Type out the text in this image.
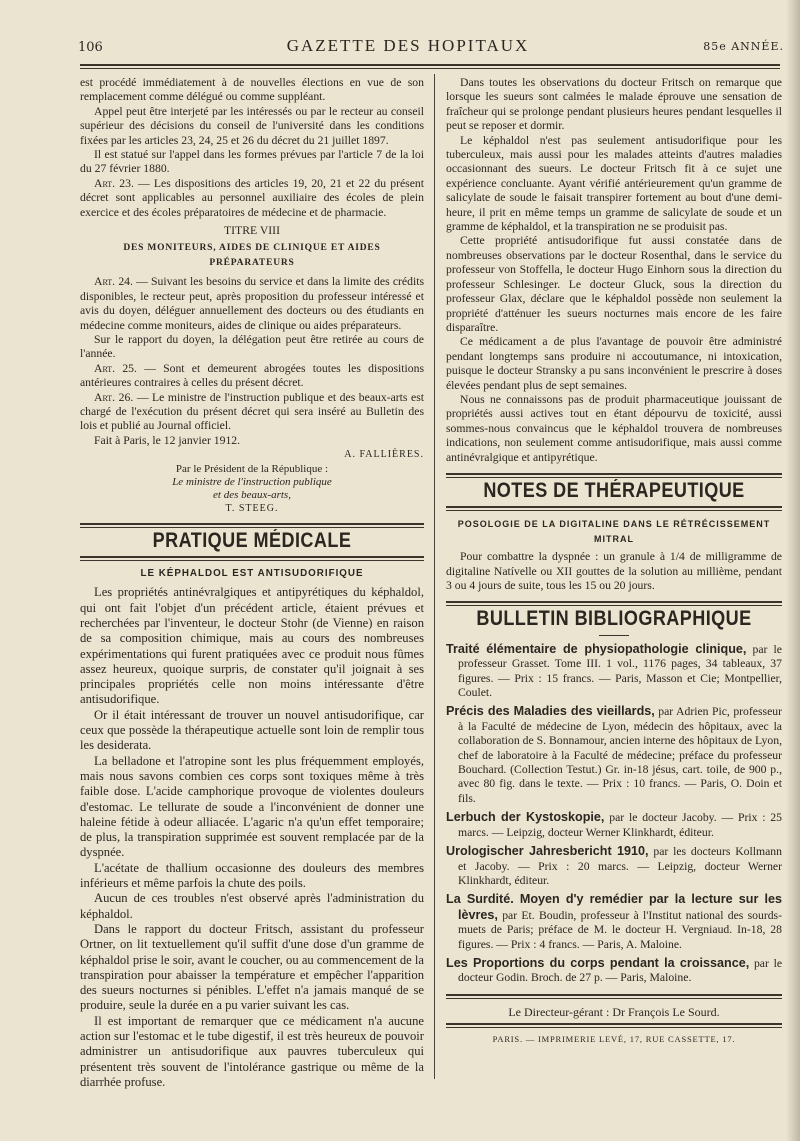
106	GAZETTE DES HOPITAUX	85e ANNÉE.

est procédé immédiatement à de nouvelles élections en vue de son remplacement comme délégué ou comme suppléant.

Appel peut être interjeté par les intéressés ou par le recteur au conseil supérieur des décisions du conseil de l'université dans les conditions fixées par les articles 23, 24, 25 et 26 du décret du 21 juillet 1897.

Il est statué sur l'appel dans les formes prévues par l'article 7 de la loi du 27 février 1880.

Art. 23. — Les dispositions des articles 19, 20, 21 et 22 du présent décret sont applicables au personnel auxiliaire des écoles de plein exercice et des écoles préparatoires de médecine et de pharmacie.

TITRE VIII

DES MONITEURS, AIDES DE CLINIQUE ET AIDES PRÉPARATEURS

Art. 24. — Suivant les besoins du service et dans la limite des crédits disponibles, le recteur peut, après proposition du professeur intéressé et avis du doyen, déléguer annuellement des docteurs ou des étudiants en médecine comme moniteurs, aides de clinique ou aides préparateurs.

Sur le rapport du doyen, la délégation peut être retirée au cours de l'année.

Art. 25. — Sont et demeurent abrogées toutes les dispositions antérieures contraires à celles du présent décret.

Art. 26. — Le ministre de l'instruction publique et des beaux-arts est chargé de l'exécution du présent décret qui sera inséré au Bulletin des lois et publié au Journal officiel.

Fait à Paris, le 12 janvier 1912.

A. FALLIÈRES.

Par le Président de la République :
Le ministre de l'instruction publique
et des beaux-arts,
T. STEEG.
PRATIQUE MÉDICALE
LE KÉPHALDOL EST ANTISUDORIFIQUE

Les propriétés antinévralgiques et antipyrétiques du képhaldol, qui ont fait l'objet d'un précédent article, étaient prévues et recherchées par l'inventeur, le docteur Stohr (de Vienne) en raison de sa composition chimique, mais au cours des nombreuses expérimentations qui furent pratiquées avec ce produit nous fûmes assez heureux, quoique surpris, de constater qu'il joignait à ses principales propriétés celle non moins intéressante d'être antisudorifique.

Or il était intéressant de trouver un nouvel antisudorifique, car ceux que possède la thérapeutique actuelle sont loin de remplir tous les desiderata.

La belladone et l'atropine sont les plus fréquemment employés, mais nous savons combien ces corps sont toxiques même à très faible dose. L'acide camphorique provoque de violentes douleurs d'estomac. Le tellurate de soude a l'inconvénient de donner une haleine fétide à odeur alliacée. L'agaric n'a qu'un effet temporaire; de plus, la transpiration supprimée est souvent remplacée par de la dyspnée.

L'acétate de thallium occasionne des douleurs des membres inférieurs et même parfois la chute des poils.

Aucun de ces troubles n'est observé après l'administration du képhaldol.

Dans le rapport du docteur Fritsch, assistant du professeur Ortner, on lit textuellement qu'il suffit d'une dose d'un gramme de képhaldol prise le soir, avant le coucher, ou au commencement de la transpiration pour abaisser la température et empêcher l'apparition des sueurs nocturnes si pénibles. L'effet n'a jamais manqué de se produire, seule la durée en a pu varier suivant les cas.

Il est important de remarquer que ce médicament n'a aucune action sur l'estomac et le tube digestif, il est très heureux de pouvoir administrer un antisudorifique aux pauvres tuberculeux qui présentent très souvent de l'intolérance gastrique ou même de la diarrhée profuse.

Dans toutes les observations du docteur Fritsch on remarque que lorsque les sueurs sont calmées le malade éprouve une sensation de fraîcheur qui se prolonge pendant plusieurs heures pendant lesquelles il peut se reposer et dormir.

Le képhaldol n'est pas seulement antisudorifique pour les tuberculeux, mais aussi pour les malades atteints d'autres maladies occasionnant des sueurs. Le docteur Fritsch fit à ce sujet une expérience concluante. Ayant vérifié antérieurement qu'un gramme de salicylate de soude le faisait transpirer fortement au bout d'une demi-heure, il prit en même temps un gramme de salicylate de soude et un gramme de képhaldol, et la transpiration ne se produisit pas.

Cette propriété antisudorifique fut aussi constatée dans de nombreuses observations par le docteur Rosenthal, dans le service du professeur von Stoffella, le docteur Hugo Einhorn sous la direction du professeur Schlesinger. Le docteur Gluck, sous la direction du professeur Glax, déclare que le képhaldol possède non seulement la propriété d'atténuer les sueurs nocturnes mais encore de les faire disparaître.

Ce médicament a de plus l'avantage de pouvoir être administré pendant longtemps sans produire ni accoutumance, ni intoxication, puisque le docteur Stransky a pu sans inconvénient le prescrire à doses élevées pendant plus de sept semaines.

Nous ne connaissons pas de produit pharmaceutique jouissant de propriétés aussi actives tout en étant dépourvu de toxicité, aussi sommes-nous convaincus que le képhaldol trouvera de nombreuses indications, non seulement comme antisudorifique, mais aussi comme antinévralgique et antipyrétique.

NOTES DE THÉRAPEUTIQUE
POSOLOGIE DE LA DIGITALINE DANS LE RÉTRÉCISSEMENT MITRAL

Pour combattre la dyspnée : un granule à 1/4 de milligramme de digitaline Natívelle ou XII gouttes de la solution au millième, pendant 3 ou 4 jours de suite, tous les 15 ou 20 jours.

BULLETIN BIBLIOGRAPHIQUE

Traité élémentaire de physiopathologie clinique, par le professeur Grasset. Tome III. 1 vol., 1176 pages, 34 tableaux, 37 figures. — Prix : 15 francs. — Paris, Masson et Cie; Montpellier, Coulet.

Précis des Maladies des vieillards, par Adrien Pic, professeur à la Faculté de médecine de Lyon, médecin des hôpitaux, avec la collaboration de S. Bonnamour, ancien interne des hôpitaux de Lyon, chef de laboratoire à la Faculté de médecine; préface du professeur Bouchard. (Collection Testut.) Gr. in-18 jésus, cart. toile, de 900 p., avec 80 fig. dans le texte. — Prix : 10 francs. — Paris, O. Doin et fils.

Lerbuch der Kystoskopie, par le docteur Jacoby. — Prix : 25 marcs. — Leipzig, docteur Werner Klinkhardt, éditeur.

Urologischer Jahresbericht 1910, par les docteurs Kollmann et Jacoby. — Prix : 20 marcs. — Leipzig, docteur Werner Klinkhardt, éditeur.

La Surdité. Moyen d'y remédier par la lecture sur les lèvres, par Et. Boudin, professeur à l'Institut national des sourds-muets de Paris; préface de M. le docteur H. Vergniaud. In-18, 28 figures. — Prix : 4 francs. — Paris, A. Maloine.

Les Proportions du corps pendant la croissance, par le docteur Godin. Broch. de 27 p. — Paris, Maloine.

Le Directeur-gérant : Dr François Le Sourd.
PARIS. — IMPRIMERIE LEVÉ, 17, RUE CASSETTE, 17.
